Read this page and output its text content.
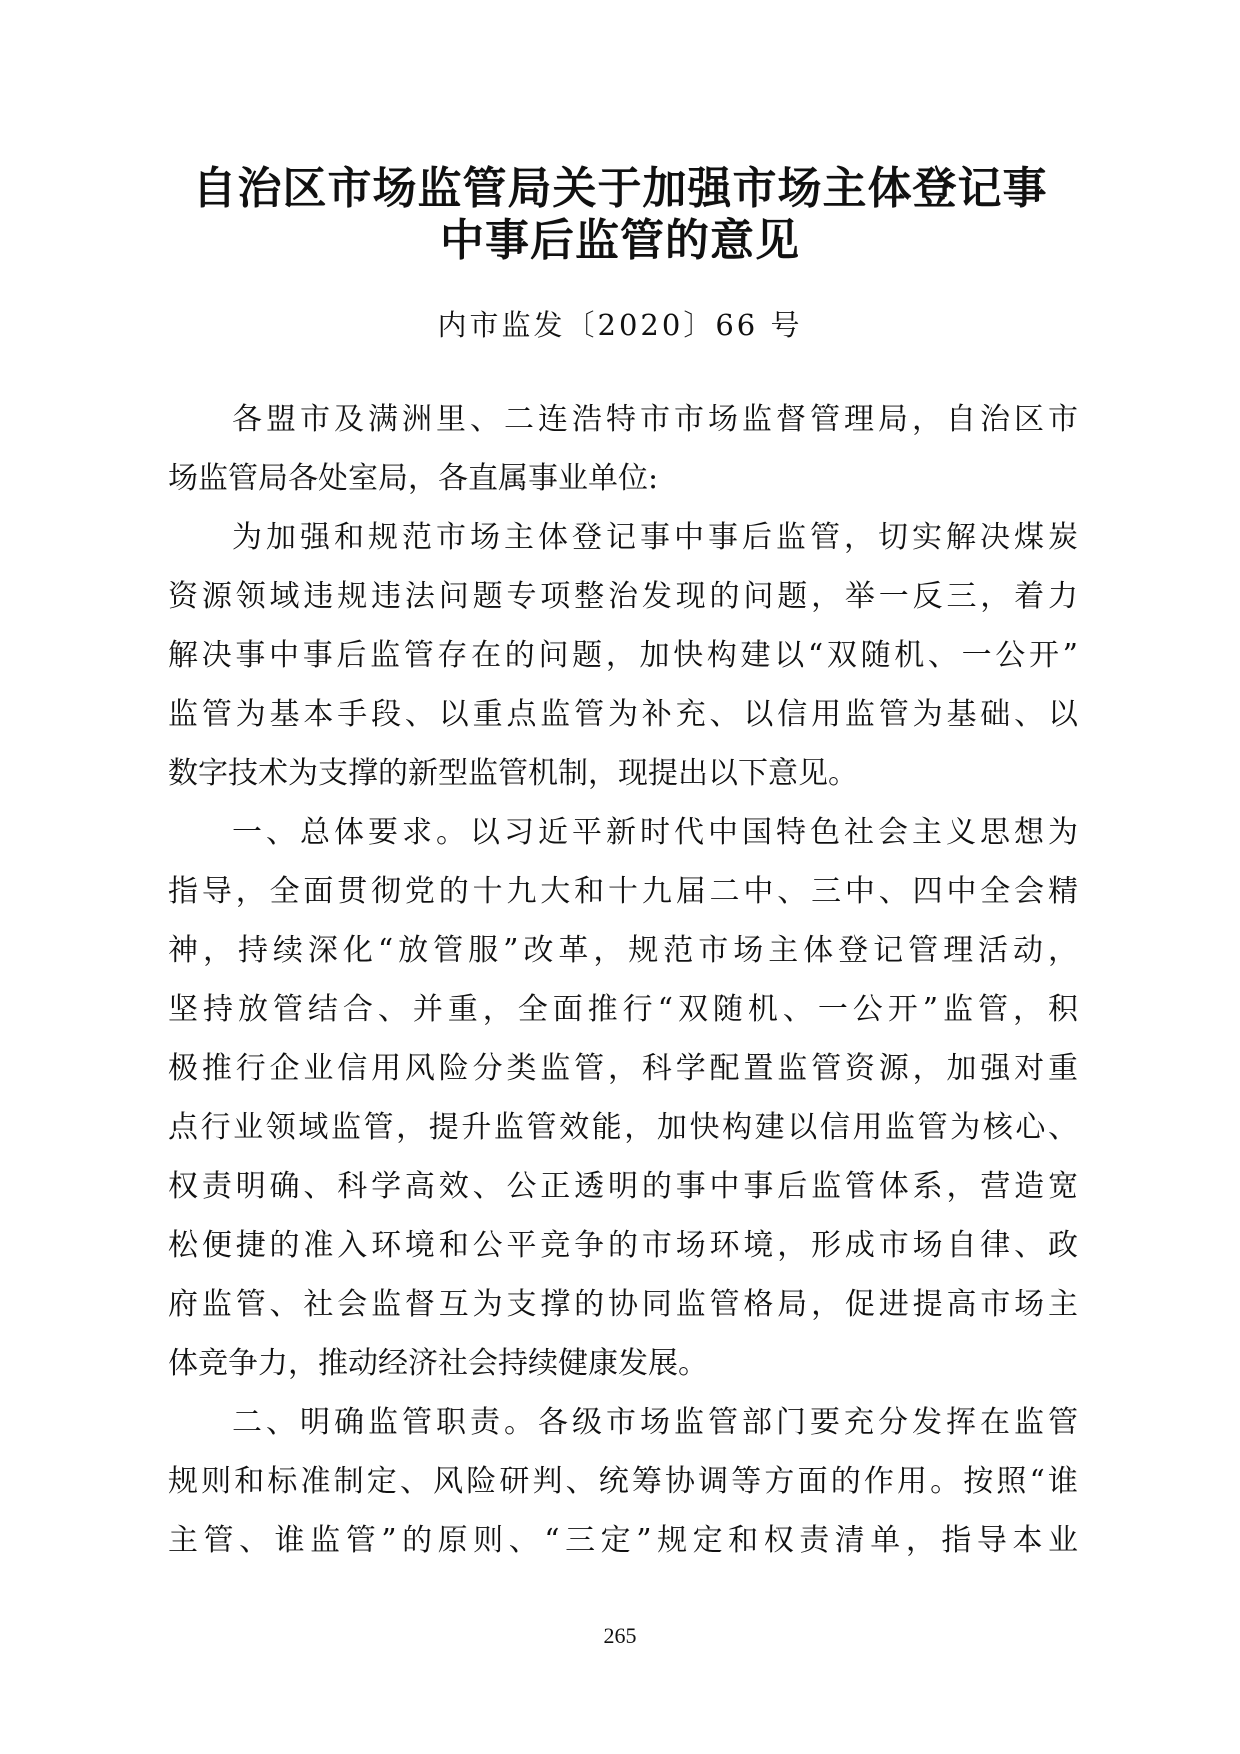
自治区市场监管局关于加强市场主体登记事
中事后监管的意见
内市监发〔2020〕66 号
各盟市及满洲里、二连浩特市市场监督管理局，自治区市
场监管局各处室局，各直属事业单位:
为加强和规范市场主体登记事中事后监管，切实解决煤炭
资源领域违规违法问题专项整治发现的问题，举一反三，着力
解决事中事后监管存在的问题，加快构建以“双随机、一公开”
监管为基本手段、以重点监管为补充、以信用监管为基础、以
数字技术为支撑的新型监管机制，现提出以下意见。
一、总体要求。以习近平新时代中国特色社会主义思想为
指导，全面贯彻党的十九大和十九届二中、三中、四中全会精
神，持续深化“放管服”改革，规范市场主体登记管理活动，
坚持放管结合、并重，全面推行“双随机、一公开”监管，积
极推行企业信用风险分类监管，科学配置监管资源，加强对重
点行业领域监管，提升监管效能，加快构建以信用监管为核心、
权责明确、科学高效、公正透明的事中事后监管体系，营造宽
松便捷的准入环境和公平竞争的市场环境，形成市场自律、政
府监管、社会监督互为支撑的协同监管格局，促进提高市场主
体竞争力，推动经济社会持续健康发展。
二、明确监管职责。各级市场监管部门要充分发挥在监管
规则和标准制定、风险研判、统筹协调等方面的作用。按照“谁
主管、谁监管”的原则、“三定”规定和权责清单，指导本业
265
